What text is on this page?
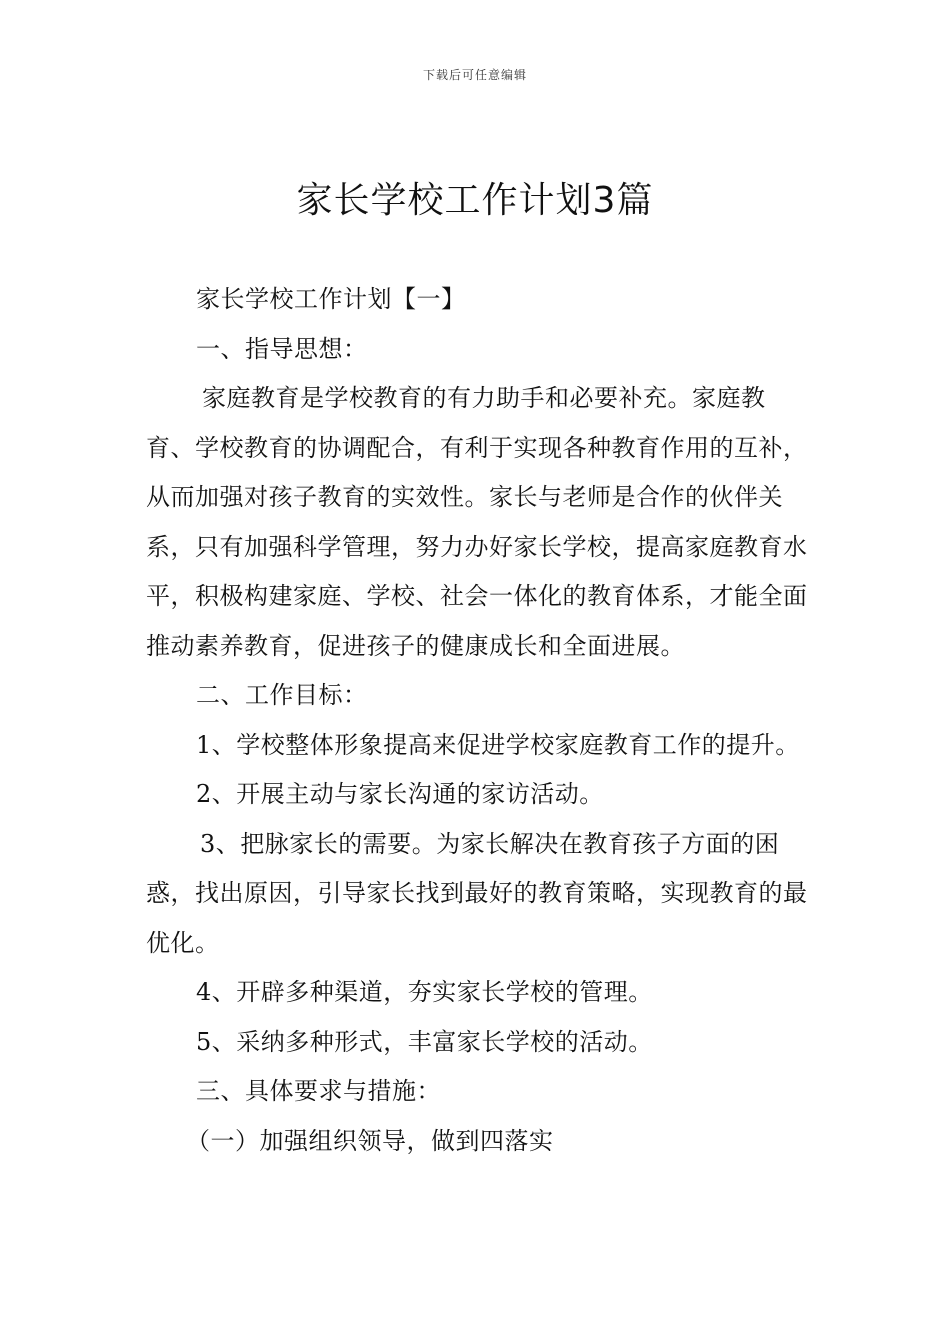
下载后可任意编辑
家长学校工作计划3篇

家长学校工作计划【一】

一、指导思想：

家庭教育是学校教育的有力助手和必要补充。家庭教育、学校教育的协调配合，有利于实现各种教育作用的互补，从而加强对孩子教育的实效性。家长与老师是合作的伙伴关系，只有加强科学管理，努力办好家长学校，提高家庭教育水平，积极构建家庭、学校、社会一体化的教育体系，才能全面推动素养教育，促进孩子的健康成长和全面进展。

二、工作目标：

1、学校整体形象提高来促进学校家庭教育工作的提升。

2、开展主动与家长沟通的家访活动。

3、把脉家长的需要。为家长解决在教育孩子方面的困惑，找出原因，引导家长找到最好的教育策略，实现教育的最优化。

4、开辟多种渠道，夯实家长学校的管理。

5、采纳多种形式，丰富家长学校的活动。

三、具体要求与措施：

（一）加强组织领导，做到四落实
